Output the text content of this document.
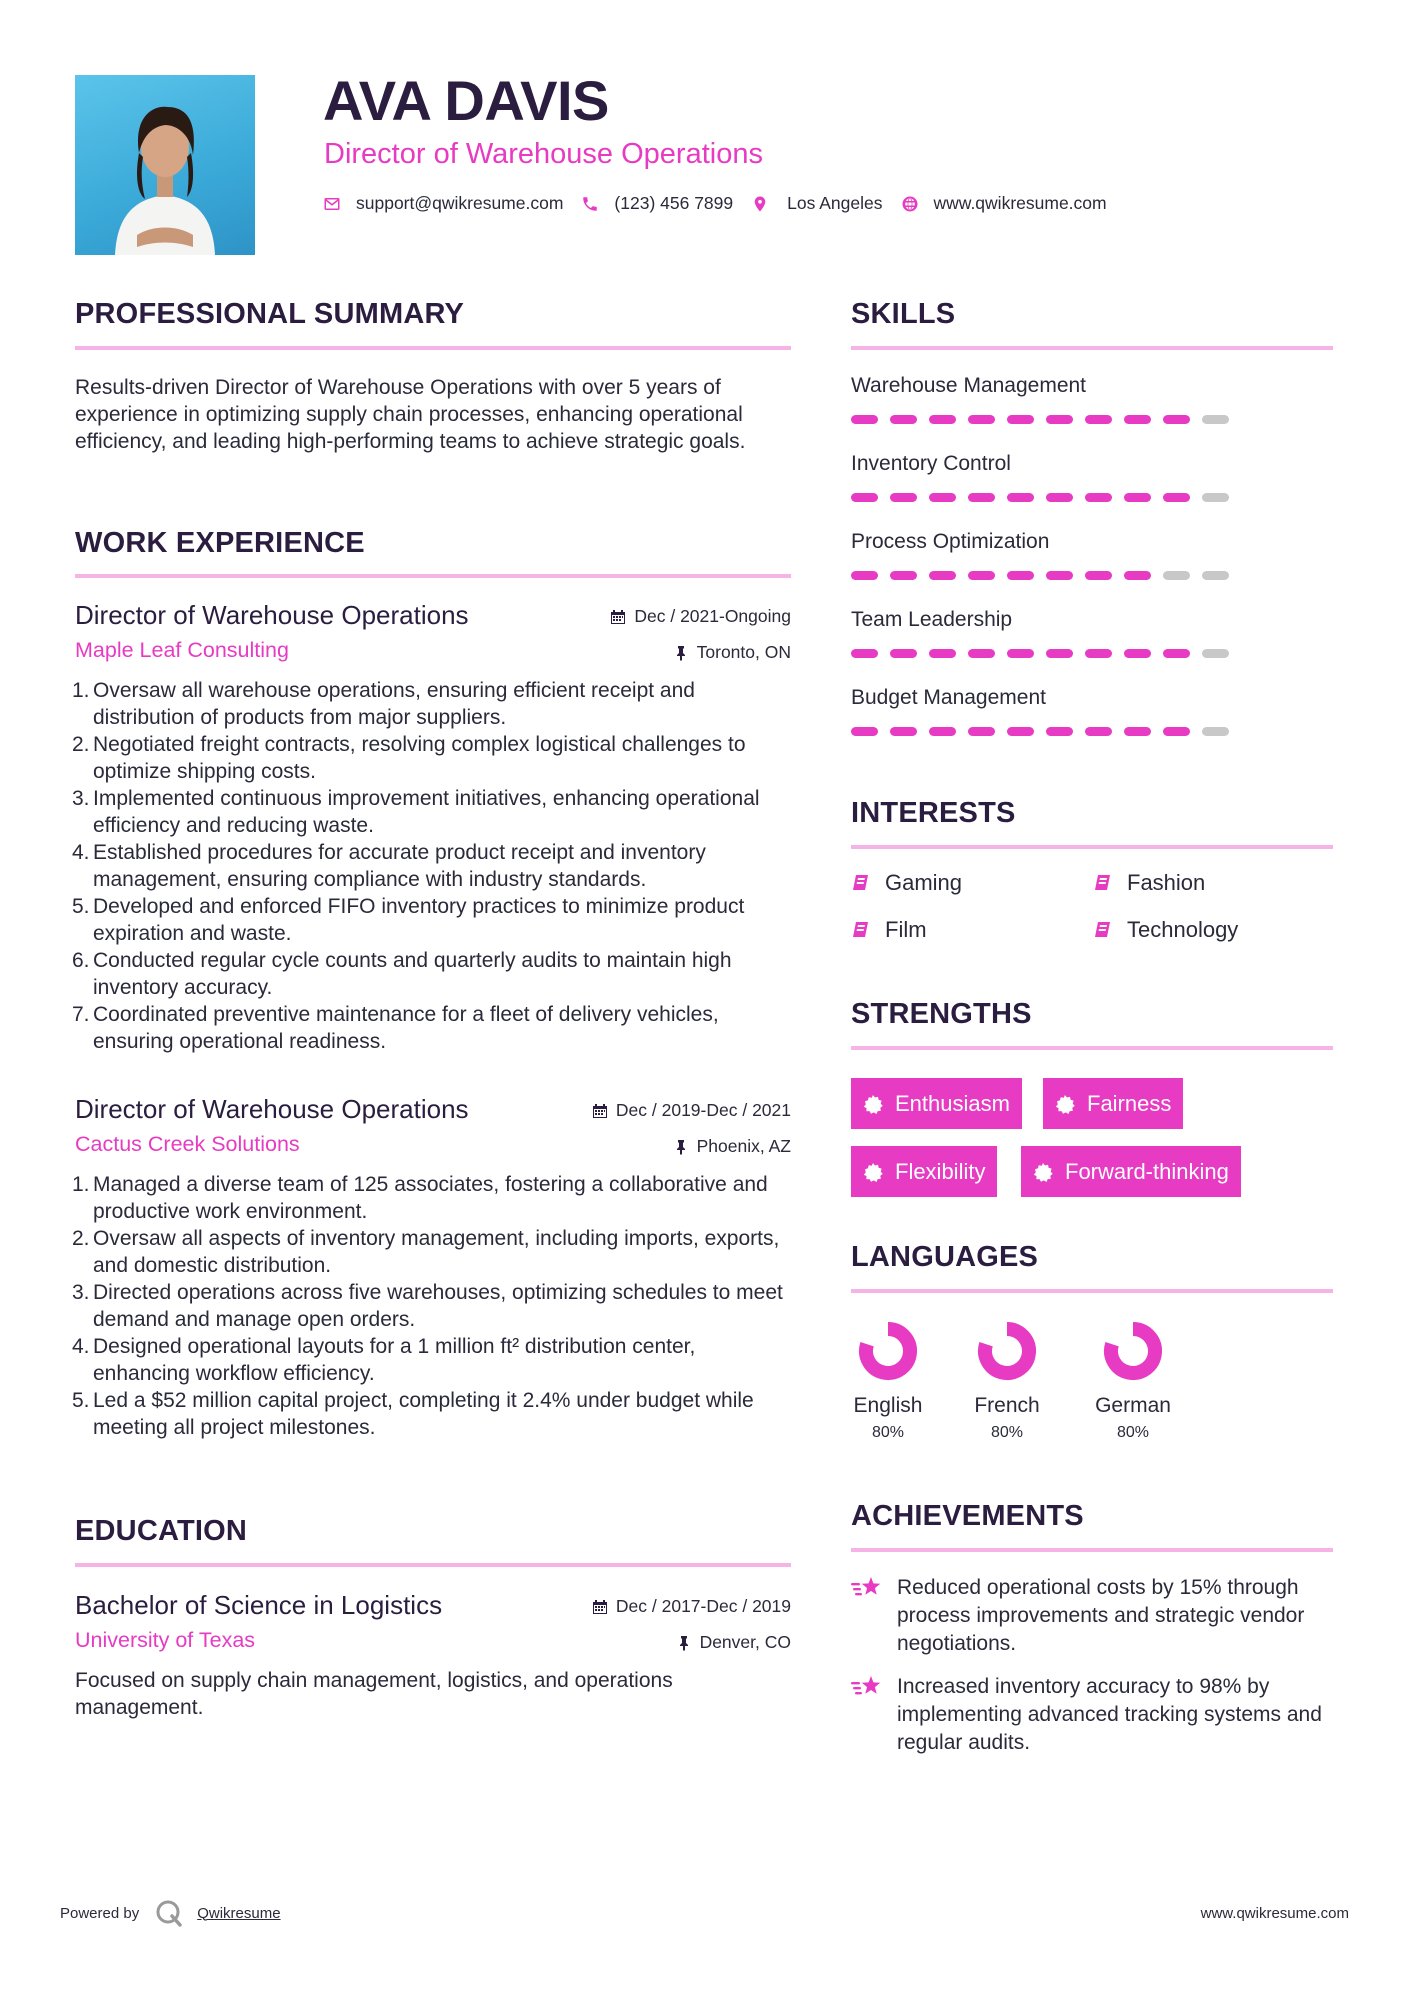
AVA DAVIS
Director of Warehouse Operations
support@qwikresume.com	(123) 456 7899	Los Angeles	www.qwikresume.com
PROFESSIONAL SUMMARY
Results-driven Director of Warehouse Operations with over 5 years of experience in optimizing supply chain processes, enhancing operational efficiency, and leading high-performing teams to achieve strategic goals.
WORK EXPERIENCE
Director of Warehouse Operations
Maple Leaf Consulting
Dec / 2021-Ongoing
Toronto, ON
1. Oversaw all warehouse operations, ensuring efficient receipt and distribution of products from major suppliers.
2. Negotiated freight contracts, resolving complex logistical challenges to optimize shipping costs.
3. Implemented continuous improvement initiatives, enhancing operational efficiency and reducing waste.
4. Established procedures for accurate product receipt and inventory management, ensuring compliance with industry standards.
5. Developed and enforced FIFO inventory practices to minimize product expiration and waste.
6. Conducted regular cycle counts and quarterly audits to maintain high inventory accuracy.
7. Coordinated preventive maintenance for a fleet of delivery vehicles, ensuring operational readiness.
Director of Warehouse Operations
Cactus Creek Solutions
Dec / 2019-Dec / 2021
Phoenix, AZ
1. Managed a diverse team of 125 associates, fostering a collaborative and productive work environment.
2. Oversaw all aspects of inventory management, including imports, exports, and domestic distribution.
3. Directed operations across five warehouses, optimizing schedules to meet demand and manage open orders.
4. Designed operational layouts for a 1 million ft² distribution center, enhancing workflow efficiency.
5. Led a $52 million capital project, completing it 2.4% under budget while meeting all project milestones.
EDUCATION
Bachelor of Science in Logistics
University of Texas
Dec / 2017-Dec / 2019
Denver, CO
Focused on supply chain management, logistics, and operations management.
SKILLS
Warehouse Management
Inventory Control
Process Optimization
Team Leadership
Budget Management
INTERESTS
Gaming	Fashion
Film	Technology
STRENGTHS
Enthusiasm	Fairness
Flexibility	Forward-thinking
LANGUAGES
English
80%
French
80%
German
80%
ACHIEVEMENTS
Reduced operational costs by 15% through process improvements and strategic vendor negotiations.
Increased inventory accuracy to 98% by implementing advanced tracking systems and regular audits.
Powered by	Qwikresume	www.qwikresume.com
